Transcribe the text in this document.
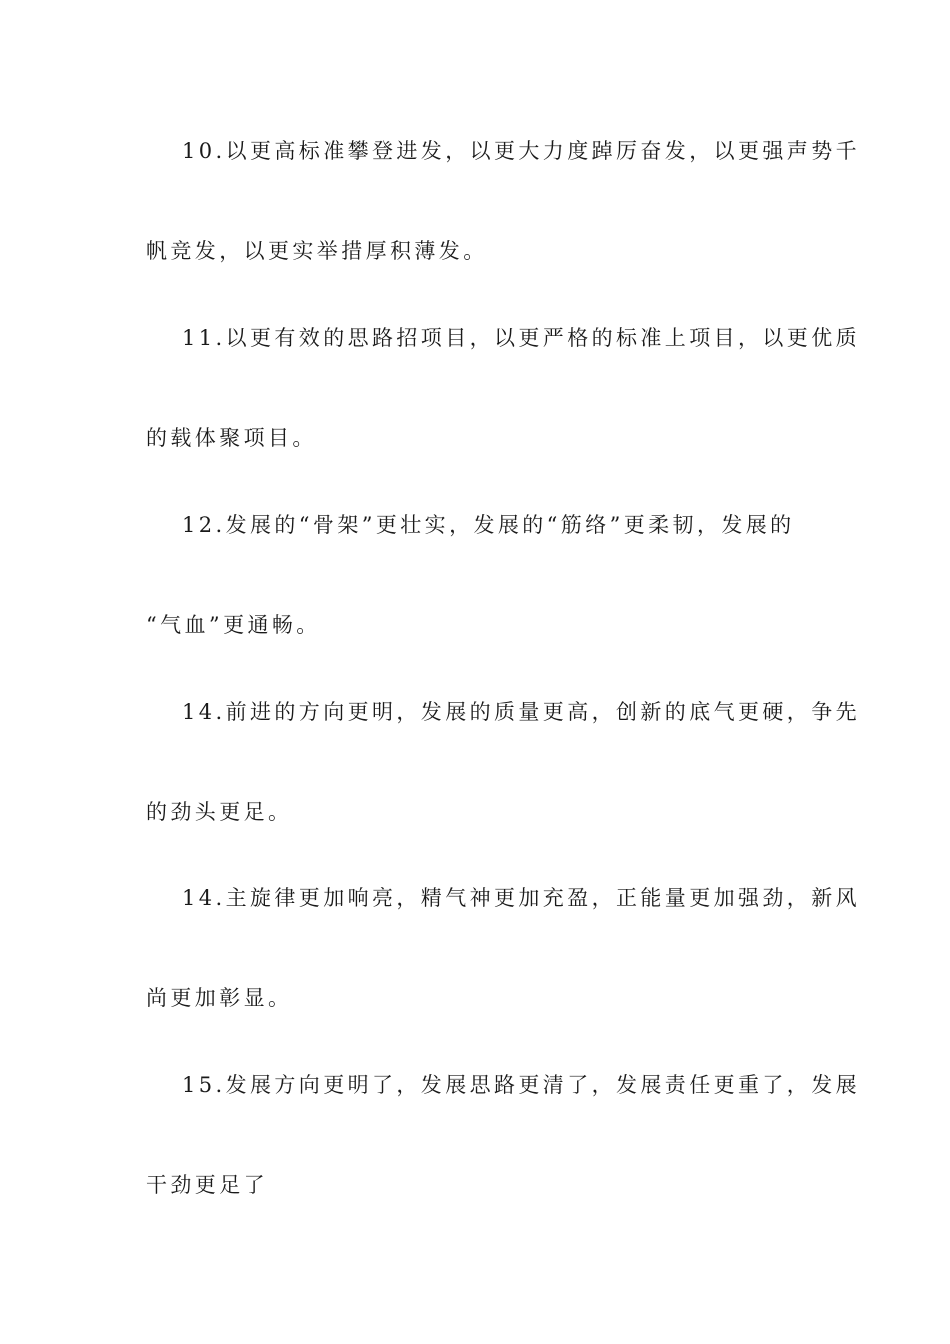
10.以更高标准攀登进发，以更大力度踔厉奋发，以更强声势千
帆竞发，以更实举措厚积薄发。
11.以更有效的思路招项目，以更严格的标准上项目，以更优质
的载体聚项目。
12.发展的“骨架”更壮实，发展的“筋络”更柔韧，发展的
“气血”更通畅。
14.前进的方向更明，发展的质量更高，创新的底气更硬，争先
的劲头更足。
14.主旋律更加响亮，精气神更加充盈，正能量更加强劲，新风
尚更加彰显。
15.发展方向更明了，发展思路更清了，发展责任更重了，发展
干劲更足了
